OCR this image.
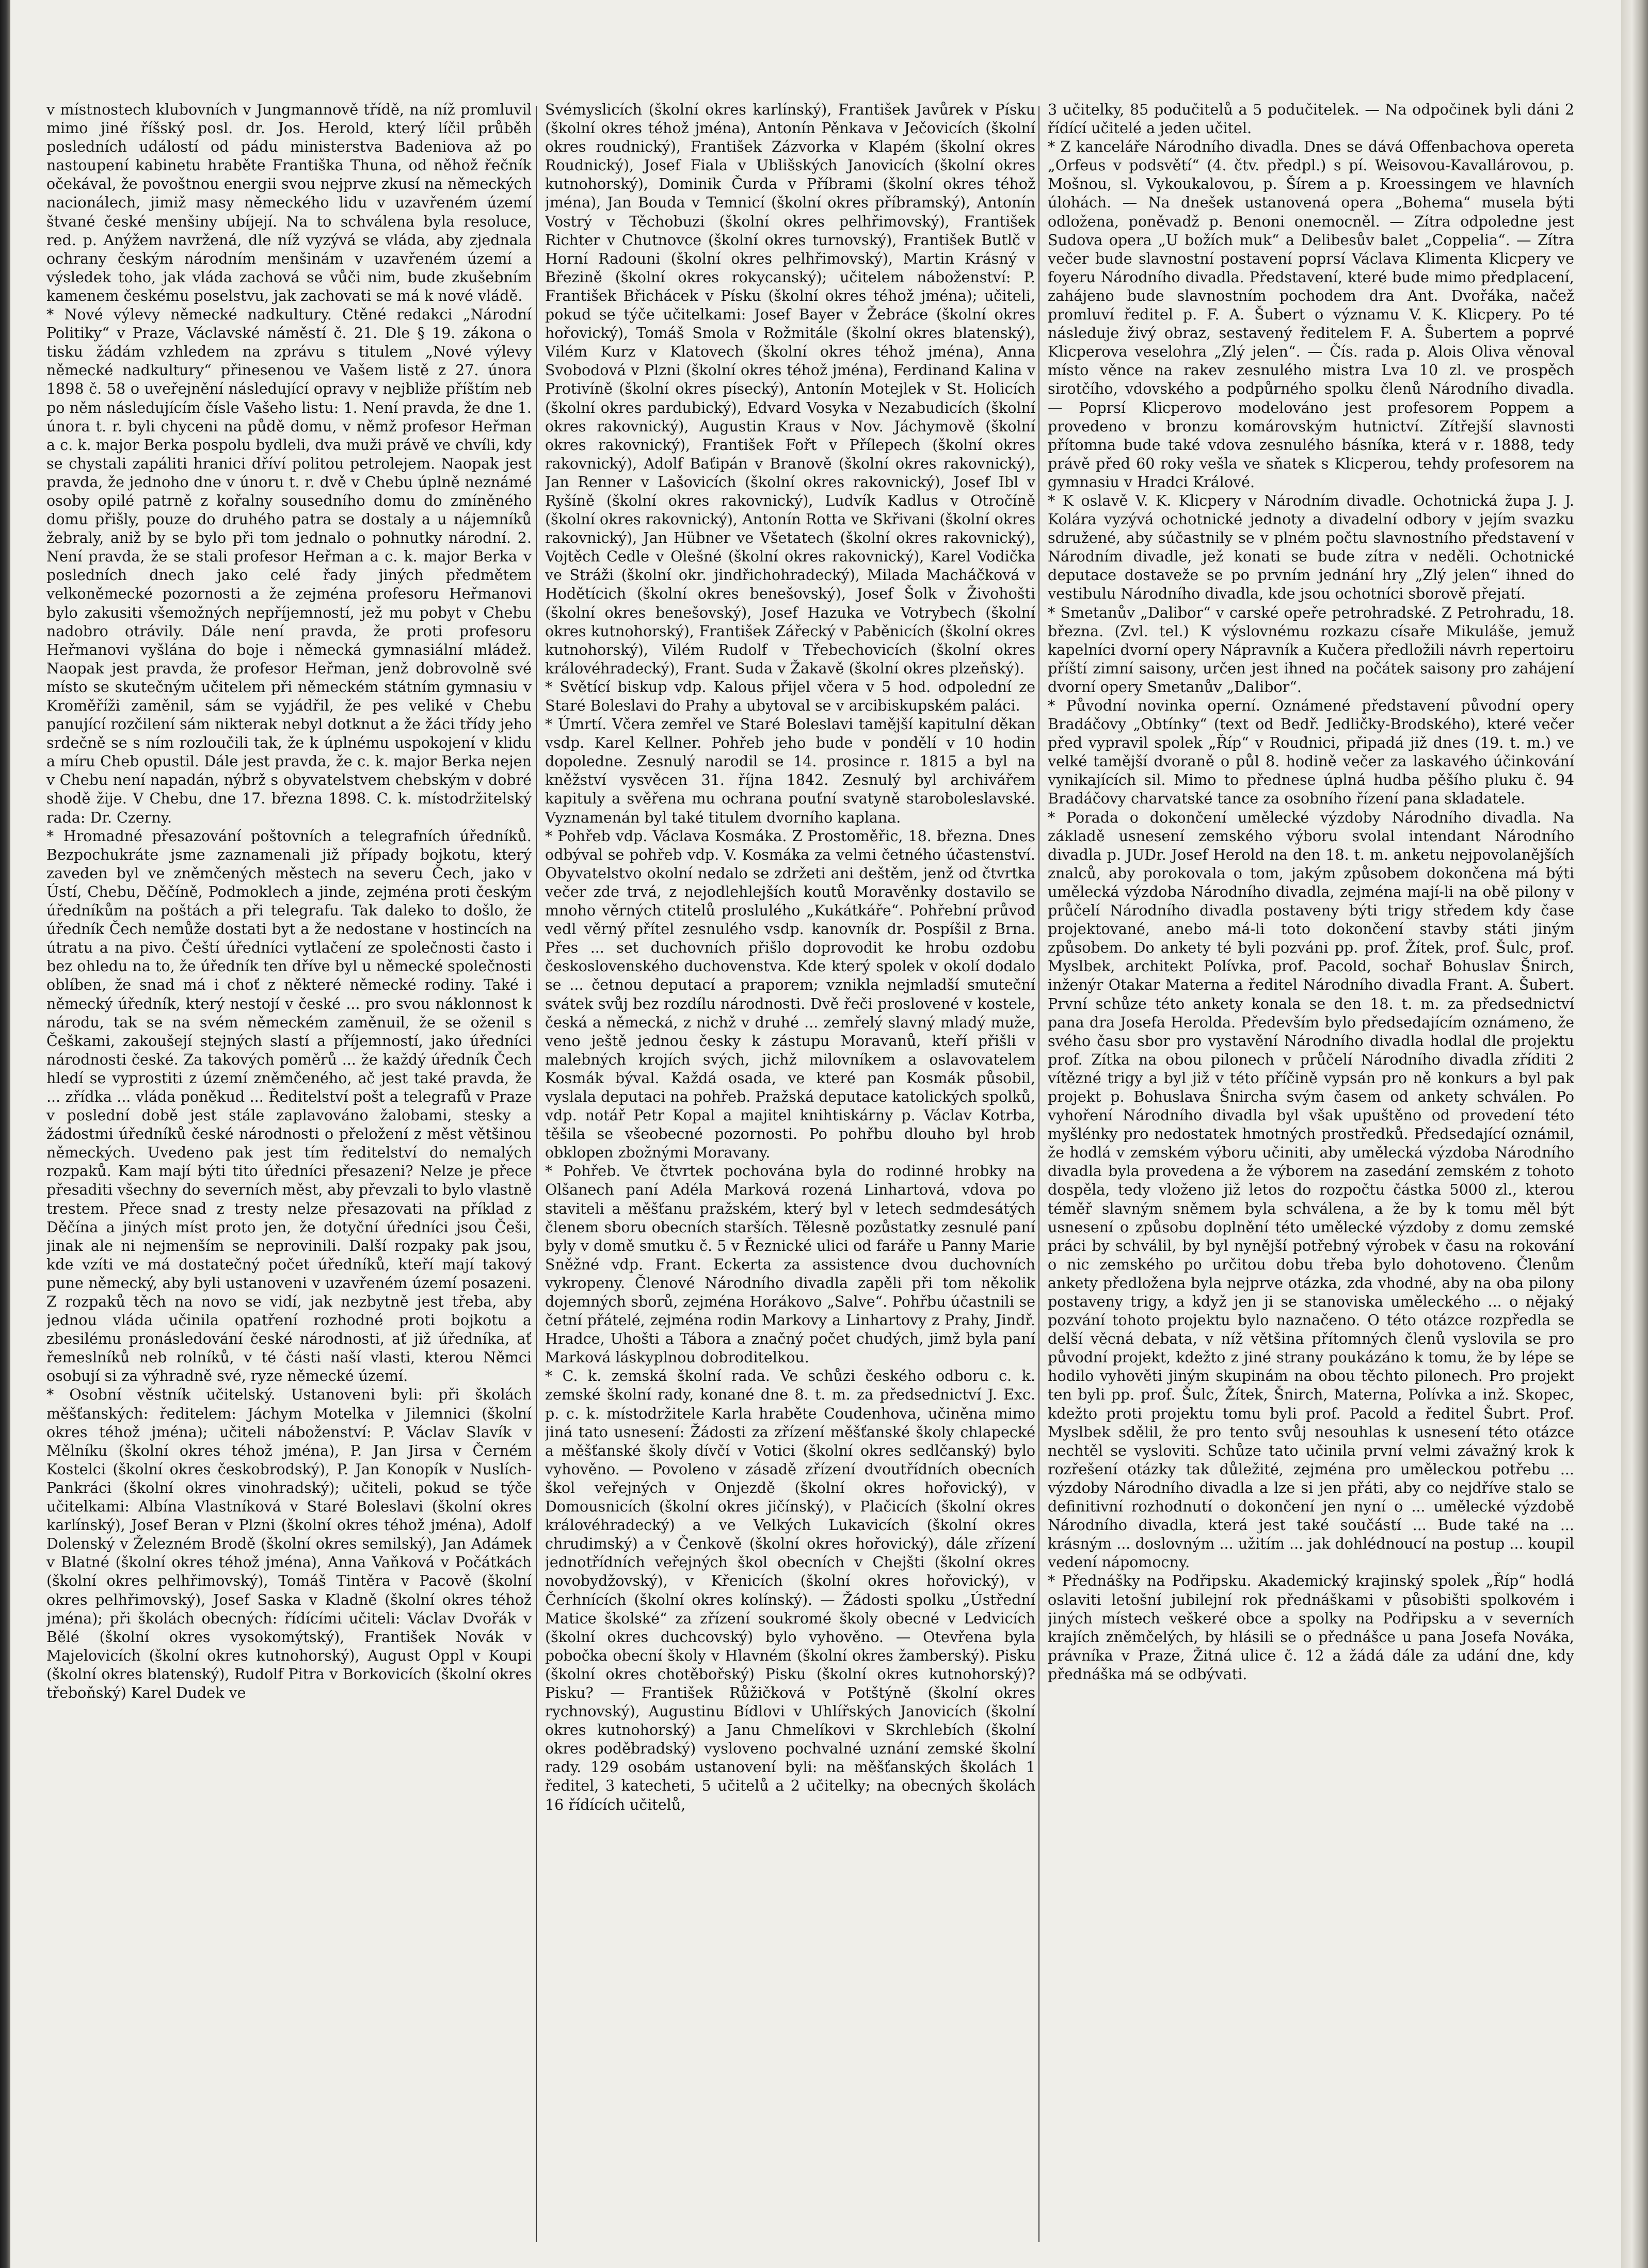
v místnostech klubovních v Jungmannově třídě, na níž promluvil mimo jiné říšský posl. dr. Jos. Herold, který líčil průběh posledních událostí od pádu ministerstva Badeniova až po nastoupení kabinetu hraběte Františka Thuna, od něhož řečník očekával, že povoštnou energii svou nejprve zkusí na německých nacionálech, jimiž masy německého lidu v uzavřeném území štvané české menšiny ubíjejí. Na to schválena byla resoluce, red. p. Anýžem navržená, dle níž vyzývá se vláda, aby zjednala ochrany českým národním menšinám v uzavřeném území a výsledek toho, jak vláda zachová se vůči nim, bude zkušebním kamenem českému poselstvu, jak zachovati se má k nové vládě.

* Nové výlevy německé nadkultury. Ctěné redakci „Národní Politiky“ v Praze, Václavské náměstí č. 21. Dle § 19. zákona o tisku žádám vzhledem na zprávu s titulem „Nové výlevy německé nadkultury“ přinesenou ve Vašem listě z 27. února 1898 č. 58 o uveřejnění následující opravy v nejbliže příštím neb po něm následujícím čísle Vašeho listu: 1. Není pravda, že dne 1. února t. r. byli chyceni na půdě domu, v němž profesor Heřman a c. k. major Berka pospolu bydleli, dva muži právě ve chvíli, kdy se chystali zapáliti hranici dříví politou petrolejem. Naopak jest pravda, že jednoho dne v únoru t. r. dvě v Chebu úplně neznámé osoby opilé patrně z kořalny sousedního domu do zmíněného domu přišly, pouze do druhého patra se dostaly a u nájemníků žebraly, aniž by se bylo při tom jednalo o pohnutky národní. 2. Není pravda, že se stali profesor Heřman a c. k. major Berka v posledních dnech jako celé řady jiných předmětem velkoněmecké pozornosti a že zejména profesoru Heřmanovi bylo zakusiti všemožných nepříjemností, jež mu pobyt v Chebu nadobro otrávily. Dále není pravda, že proti profesoru Heřmanovi vyšlána do boje i německá gymnasiální mládež. Naopak jest pravda, že profesor Heřman, jenž dobrovolně své místo se skutečným učitelem při německém státním gymnasiu v Kroměříži zaměnil, sám se vyjádřil, že pes veliké v Chebu panující rozčilení sám nikterak nebyl dotknut a že žáci třídy jeho srdečně se s ním rozloučili tak, že k úplnému uspokojení v klidu a míru Cheb opustil. Dále jest pravda, že c. k. major Berka nejen v Chebu není napadán, nýbrž s obyvatelstvem chebským v dobré shodě žije. V Chebu, dne 17. března 1898. C. k. místodržitelský rada: Dr. Czerny.

* Hromadné přesazování poštovních a telegrafních úředníků. Bezpochukráte jsme zaznamenali již případy bojkotu, který zaveden byl ve zněmčených městech na severu Čech, jako v Ústí, Chebu, Děčíně, Podmoklech a jinde, zejména proti českým úředníkům na poštách a při telegrafu. Tak daleko to došlo, že úředník Čech nemůže dostati byt a že nedostane v hostincích na útratu a na pivo. Čeští úředníci vytlačení ze společnosti často i bez ohledu na to, že úředník ten dříve byl u německé společnosti oblíben, že snad má i choť z některé německé rodiny. Také i německý úředník, který nestojí v české ... pro svou náklonnost k národu, tak se na svém německém zaměnuil, že se oženil s Češkami, zakoušejí stejných slastí a příjemností, jako úředníci národnosti české. Za takových poměrů ... že každý úředník Čech hledí se vyprostiti z území zněmčeného, ač jest také pravda, že ... zřídka ... vláda poněkud ... Ředitelství pošt a telegrafů v Praze v poslední době jest stále zaplavováno žalobami, stesky a žádostmi úředníků české národnosti o přeložení z měst většinou německých. Uvedeno pak jest tím ředitelství do nemalých rozpaků. Kam mají býti tito úředníci přesazeni? Nelze je přece přesaditi všechny do severních měst, aby převzali to bylo vlastně trestem. Přece snad z tresty nelze přesazovati na příklad z Děčína a jiných míst proto jen, že dotyční úředníci jsou Češi, jinak ale ni nejmenším se neprovinili. Další rozpaky pak jsou, kde vzíti ve má dostatečný počet úředníků, kteří mají takový pune německý, aby byli ustanoveni v uzavřeném území posazeni. Z rozpaků těch na novo se vidí, jak nezbytně jest třeba, aby jednou vláda učinila opatření rozhodné proti bojkotu a zbesilému pronásledování české národnosti, ať již úředníka, ať řemeslníků neb rolníků, v té části naší vlasti, kterou Němci osobují si za výhradně své, ryze německé území.

* Osobní věstník učitelský. Ustanoveni byli: při školách měšťanských: ředitelem: Jáchym Motelka v Jilemnici (školní okres téhož jména); učiteli náboženství: P. Václav Slavík v Mělníku (školní okres téhož jména), P. Jan Jirsa v Černém Kostelci (školní okres českobrodský), P. Jan Konopík v Nuslích-Pankráci (školní okres vinohradský); učiteli, pokud se týče učitelkami: Albína Vlastníková v Staré Boleslavi (školní okres karlínský), Josef Beran v Plzni (školní okres téhož jména), Adolf Dolenský v Železném Brodě (školní okres semilský), Jan Adámek v Blatné (školní okres téhož jména), Anna Vaňková v Počátkách (školní okres pelhřimovský), Tomáš Tintěra v Pacově (školní okres pelhřimovský), Josef Saska v Kladně (školní okres téhož jména); při školách obecných: řídícími učiteli: Václav Dvořák v Bělé (školní okres vysokomýtský), František Novák v Majelovicích (školní okres kutnohorský), August Oppl v Koupi (školní okres blatenský), Rudolf Pitra v Borkovicích (školní okres třeboňský) Karel Dudek ve

Svémyslicích (školní okres karlínský), František Javůrek v Písku (školní okres téhož jména), Antonín Pěnkava v Ječovicích (školní okres roudnický), František Zázvorka v Klapém (školní okres Roudnický), Josef Fiala v Ublišských Janovicích (školní okres kutnohorský), Dominik Čurda v Příbrami (školní okres téhož jména), Jan Bouda v Temnicí (školní okres příbramský), Antonín Vostrý v Těchobuzi (školní okres pelhřimovský), František Richter v Chutnovce (školní okres turnovský), František Butlč v Horní Radouni (školní okres pelhřimovský), Martin Krásný v Březině (školní okres rokycanský); učitelem náboženství: P. František Břichácek v Písku (školní okres téhož jména); učiteli, pokud se týče učitelkami: Josef Bayer v Žebráce (školní okres hořovický), Tomáš Smola v Rožmitále (školní okres blatenský), Vilém Kurz v Klatovech (školní okres téhož jména), Anna Svobodová v Plzni (školní okres téhož jména), Ferdinand Kalina v Protivíně (školní okres písecký), Antonín Motejlek v St. Holicích (školní okres pardubický), Edvard Vosyka v Nezabudicích (školní okres rakovnický), Augustin Kraus v Nov. Jáchymově (školní okres rakovnický), František Fořt v Přílepech (školní okres rakovnický), Adolf Baťipán v Branově (školní okres rakovnický), Jan Renner v Lašovicích (školní okres rakovnický), Josef Ibl v Ryšíně (školní okres rakovnický), Ludvík Kadlus v Otročíně (školní okres rakovnický), Antonín Rotta ve Skřivani (školní okres rakovnický), Jan Hübner ve Všetatech (školní okres rakovnický), Vojtěch Cedle v Olešné (školní okres rakovnický), Karel Vodička ve Stráži (školní okr. jindřichohradecký), Milada Macháčková v Hodětícich (školní okres benešovský), Josef Šolk v Živohošti (školní okres benešovský), Josef Hazuka ve Votrybech (školní okres kutnohorský), František Zářecký v Paběnicích (školní okres kutnohorský), Vilém Rudolf v Třebechovicích (školní okres královéhradecký), Frant. Suda v Žakavě (školní okres plzeňský).

* Světící biskup vdp. Kalous přijel včera v 5 hod. odpolední ze Staré Boleslavi do Prahy a ubytoval se v arcibiskupském paláci.

* Úmrtí. Včera zemřel ve Staré Boleslavi tamější kapitulní děkan vsdp. Karel Kellner. Pohřeb jeho bude v pondělí v 10 hodin dopoledne. Zesnulý narodil se 14. prosince r. 1815 a byl na kněžství vysvěcen 31. října 1842. Zesnulý byl archivářem kapituly a svěřena mu ochrana pouťní svatyně staroboleslavské. Vyznamenán byl také titulem dvorního kaplana.

* Pohřeb vdp. Václava Kosmáka. Z Prostoměřic, 18. března. Dnes odbýval se pohřeb vdp. V. Kosmáka za velmi četného účastenství. Obyvatelstvo okolní nedalo se zdržeti ani deštěm, jenž od čtvrtka večer zde trvá, z nejodlehlejších koutů Moravěnky dostavilo se mnoho věrných ctitelů proslulého „Kukátkáře“. Pohřební průvod vedl věrný přítel zesnulého vsdp. kanovník dr. Pospíšil z Brna. Přes ... set duchovních přišlo doprovodit ke hrobu ozdobu československého duchovenstva. Kde který spolek v okolí dodalo se ... četnou deputací a praporem; vznikla nejmladší smuteční svátek svůj bez rozdílu národnosti. Dvě řeči proslovené v kostele, česká a německá, z nichž v druhé ... zemřelý slavný mladý muže, veno ještě jednou česky k zástupu Moravanů, kteří přišli v malebných krojích svých, jichž milovníkem a oslavovatelem Kosmák býval. Každá osada, ve které pan Kosmák působil, vyslala deputaci na pohřeb. Pražská deputace katolických spolků, vdp. notář Petr Kopal a majitel knihtiskárny p. Václav Kotrba, těšila se všeobecné pozornosti. Po pohřbu dlouho byl hrob obklopen zbožnými Moravany.

* Pohřeb. Ve čtvrtek pochována byla do rodinné hrobky na Olšanech paní Adéla Marková rozená Linhartová, vdova po staviteli a měšťanu pražském, který byl v letech sedmdesátých členem sboru obecních starších. Tělesně pozůstatky zesnulé paní byly v domě smutku č. 5 v Řeznické ulici od faráře u Panny Marie Sněžné vdp. Frant. Eckerta za assistence dvou duchovních vykropeny. Členové Národního divadla zapěli při tom několik dojemných sborů, zejména Horákovo „Salve“. Pohřbu účastnili se četní přátelé, zejména rodin Markovy a Linhartovy z Prahy, Jindř. Hradce, Uhošti a Tábora a značný počet chudých, jimž byla paní Marková láskyplnou dobroditelkou.

* C. k. zemská školní rada. Ve schůzi českého odboru c. k. zemské školní rady, konané dne 8. t. m. za předsednictví J. Exc. p. c. k. místodržitele Karla hraběte Coudenhova, učiněna mimo jiná tato usnesení: Žádosti za zřízení měšťanské školy chlapecké a měšťanské školy dívčí v Votici (školní okres sedlčanský) bylo vyhověno. — Povoleno v zásadě zřízení dvoutřídních obecních škol veřejných v Onjezdě (školní okres hořovický), v Domousnicích (školní okres jičínský), v Plačicích (školní okres královéhradecký) a ve Velkých Lukavicích (školní okres chrudimský) a v Čenkově (školní okres hořovický), dále zřízení jednotřídních veřejných škol obecních v Chejšti (školní okres novobydžovský), v Křenicích (školní okres hořovický), v Čerhnících (školní okres kolínský). — Žádosti spolku „Ústřední Matice školské“ za zřízení soukromé školy obecné v Ledvicích (školní okres duchcovský) bylo vyhověno. — Otevřena byla pobočka obecní školy v Hlavném (školní okres žamberský). Pisku (školní okres chotěbořský) Pisku (školní okres kutnohorský)? Pisku? — František Růžičková v Potštýně (školní okres rychnovský), Augustinu Bídlovi v Uhlířských Janovicích (školní okres kutnohorský) a Janu Chmelíkovi v Skrchlebích (školní okres poděbradský) vysloveno pochvalné uznání zemské školní rady. 129 osobám ustanovení byli: na měšťanských školách 1 ředitel, 3 katecheti, 5 učitelů a 2 učitelky; na obecných školách 16 řídících učitelů,

3 učitelky, 85 podučitelů a 5 podučitelek. — Na odpočinek byli dáni 2 řídící učitelé a jeden učitel.

* Z kanceláře Národního divadla. Dnes se dává Offenbachova opereta „Orfeus v podsvětí“ (4. čtv. předpl.) s pí. Weisovou-Kavallárovou, p. Mošnou, sl. Vykoukalovou, p. Šírem a p. Kroessingem ve hlavních úlohách. — Na dnešek ustanovená opera „Bohema“ musela býti odložena, poněvadž p. Benoni onemocněl. — Zítra odpoledne jest Sudova opera „U božích muk“ a Delibesův balet „Coppelia“. — Zítra večer bude slavnostní postavení poprsí Václava Klimenta Klicpery ve foyeru Národního divadla. Představení, které bude mimo předplacení, zahájeno bude slavnostním pochodem dra Ant. Dvořáka, načež promluví ředitel p. F. A. Šubert o významu V. K. Klicpery. Po té následuje živý obraz, sestavený ředitelem F. A. Šubertem a poprvé Klicperova veselohra „Zlý jelen“. — Čís. rada p. Alois Oliva věnoval místo věnce na rakev zesnulého mistra Lva 10 zl. ve prospěch sirotčího, vdovského a podpůrného spolku členů Národního divadla. — Poprsí Klicperovo modelováno jest profesorem Poppem a provedeno v bronzu komárovským hutnictví. Zítřejší slavnosti přítomna bude také vdova zesnulého básníka, která v r. 1888, tedy právě před 60 roky vešla ve sňatek s Klicperou, tehdy profesorem na gymnasiu v Hradci Králové.

* K oslavě V. K. Klicpery v Národním divadle. Ochotnická župa J. J. Kolára vyzývá ochotnické jednoty a divadelní odbory v jejím svazku sdružené, aby súčastnily se v plném počtu slavnostního představení v Národním divadle, jež konati se bude zítra v neděli. Ochotnické deputace dostaveže se po prvním jednání hry „Zlý jelen“ ihned do vestibulu Národního divadla, kde jsou ochotníci sborově přejatí.

* Smetanův „Dalibor“ v carské opeře petrohradské. Z Petrohradu, 18. března. (Zvl. tel.) K výslovnému rozkazu císaře Mikuláše, jemuž kapelníci dvorní opery Nápravník a Kučera předložili návrh repertoiru příští zimní saisony, určen jest ihned na počátek saisony pro zahájení dvorní opery Smetanův „Dalibor“.

* Původní novinka operní. Oznámené představení původní opery Bradáčovy „Obtínky“ (text od Bedř. Jedličky-Brodského), které večer před vypravil spolek „Říp“ v Roudnici, připadá již dnes (19. t. m.) ve velké tamější dvoraně o půl 8. hodině večer za laskavého účinkování vynikajících sil. Mimo to přednese úplná hudba pěšího pluku č. 94 Bradáčovy charvatské tance za osobního řízení pana skladatele.

* Porada o dokončení umělecké výzdoby Národního divadla. Na základě usnesení zemského výboru svolal intendant Národního divadla p. JUDr. Josef Herold na den 18. t. m. anketu nejpovolanějších znalců, aby porokovala o tom, jakým způsobem dokončena má býti umělecká výzdoba Národního divadla, zejména mají-li na obě pilony v průčelí Národního divadla postaveny býti trigy středem kdy čase projektované, anebo má-li toto dokončení stavby státi jiným způsobem. Do ankety té byli pozváni pp. prof. Žítek, prof. Šulc, prof. Myslbek, architekt Polívka, prof. Pacold, sochař Bohuslav Šnirch, inženýr Otakar Materna a ředitel Národního divadla Frant. A. Šubert. První schůze této ankety konala se den 18. t. m. za předsednictví pana dra Josefa Herolda. Především bylo předsedajícím oznámeno, že svého času sbor pro vystavění Národního divadla hodlal dle projektu prof. Zítka na obou pilonech v průčelí Národního divadla zříditi 2 vítězné trigy a byl již v této příčině vypsán pro ně konkurs a byl pak projekt p. Bohuslava Šnircha svým časem od ankety schválen. Po vyhoření Národního divadla byl však upuštěno od provedení této myšlénky pro nedostatek hmotných prostředků. Předsedající oznámil, že hodlá v zemském výboru učiniti, aby umělecká výzdoba Národního divadla byla provedena a že výborem na zasedání zemském z tohoto dospěla, tedy vloženo již letos do rozpočtu částka 5000 zl., kterou téměř slavným sněmem byla schválena, a že by k tomu měl být usnesení o způsobu doplnění této umělecké výzdoby z domu zemské práci by schválil, by byl nynější potřebný výrobek v času na rokování o nic zemského po určitou dobu třeba bylo dohotoveno. Členům ankety předložena byla nejprve otázka, zda vhodné, aby na oba pilony postaveny trigy, a když jen ji se stanoviska uměleckého ... o nějaký pozvání tohoto projektu bylo naznačeno. O této otázce rozpředla se delší věcná debata, v níž většina přítomných členů vyslovila se pro původní projekt, kdežto z jiné strany poukázáno k tomu, že by lépe se hodilo vyhověti jiným skupinám na obou těchto pilonech. Pro projekt ten byli pp. prof. Šulc, Žítek, Šnirch, Materna, Polívka a inž. Skopec, kdežto proti projektu tomu byli prof. Pacold a ředitel Šubrt. Prof. Myslbek sdělil, že pro tento svůj nesouhlas k usnesení této otázce nechtěl se vysloviti. Schůze tato učinila první velmi závažný krok k rozřešení otázky tak důležité, zejména pro uměleckou potřebu ... výzdoby Národního divadla a lze si jen přáti, aby co nejdříve stalo se definitivní rozhodnutí o dokončení jen nyní o ... umělecké výzdobě Národního divadla, která jest také součástí ... Bude také na ... krásným ... doslovným ... užitím ... jak dohlédnoucí na postup ... koupil vedení nápomocny.

* Přednášky na Podřipsku. Akademický krajinský spolek „Říp“ hodlá oslaviti letošní jubilejní rok přednáškami v působišti spolkovém i jiných místech veškeré obce a spolky na Podřipsku a v severních krajích zněmčelých, by hlásili se o přednášce u pana Josefa Nováka, právníka v Praze, Žitná ulice č. 12 a žádá dále za udání dne, kdy přednáška má se odbývati.
